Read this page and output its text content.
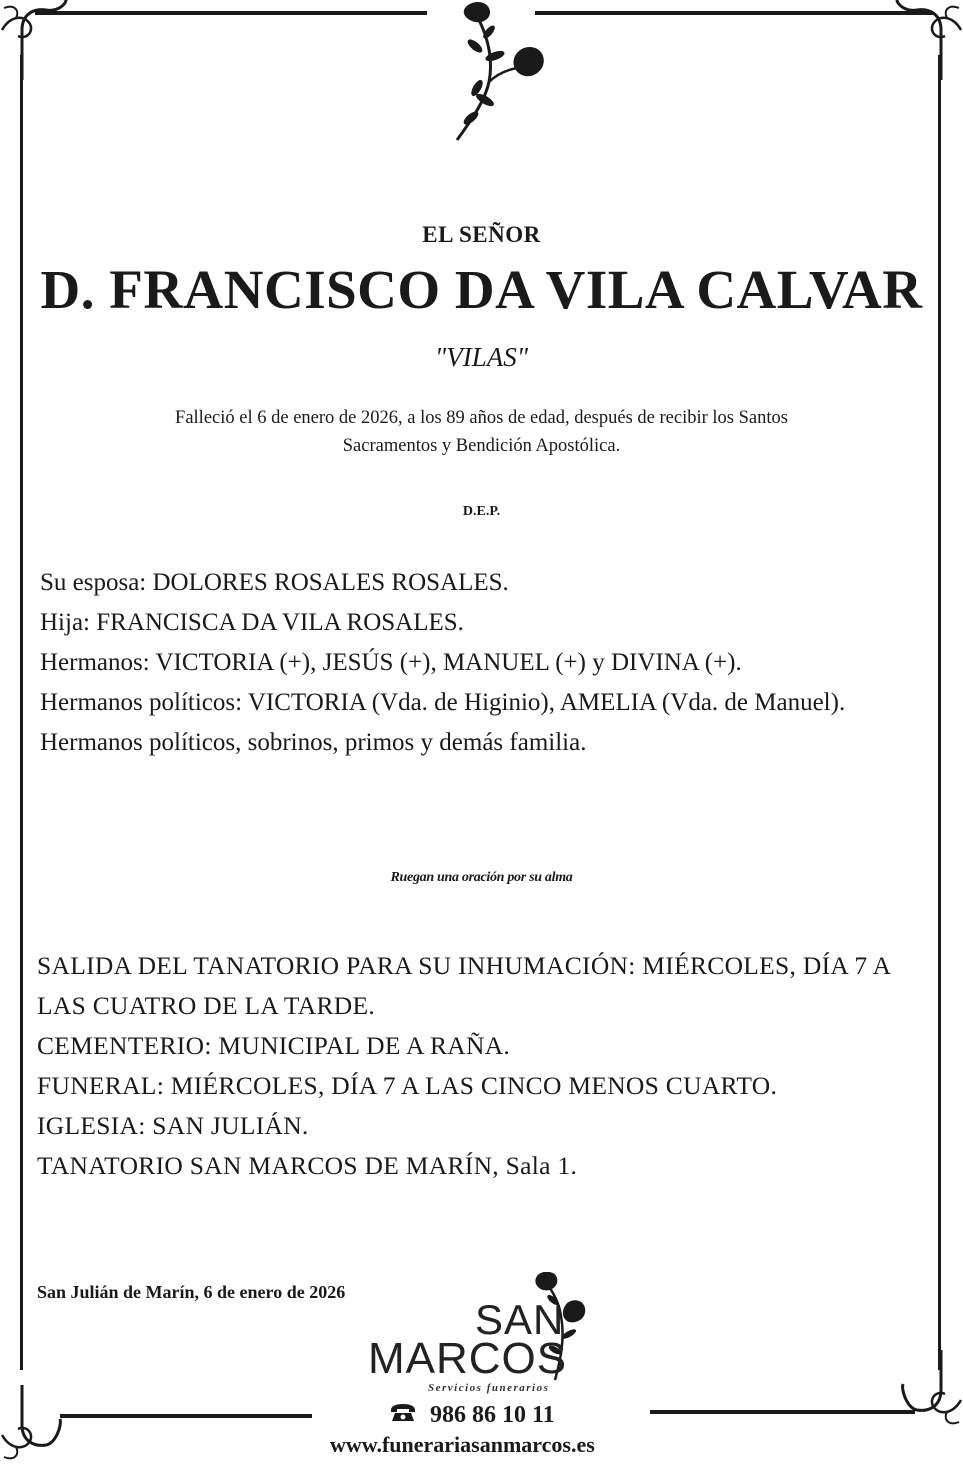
EL SEÑOR
D. FRANCISCO DA VILA CALVAR
"VILAS"
Falleció el 6 de enero de 2026, a los 89 años de edad, después de recibir los Santos Sacramentos y Bendición Apostólica.
D.E.P.

Su esposa: DOLORES ROSALES ROSALES.

Hija: FRANCISCA DA VILA ROSALES.

Hermanos: VICTORIA (+), JESÚS (+), MANUEL (+) y DIVINA (+).

Hermanos políticos: VICTORIA (Vda. de Higinio), AMELIA (Vda. de Manuel).

Hermanos políticos, sobrinos, primos y demás familia.

Ruegan una oración por su alma

SALIDA DEL TANATORIO PARA SU INHUMACIÓN: MIÉRCOLES, DÍA 7 A LAS CUATRO DE LA TARDE.

CEMENTERIO: MUNICIPAL DE A RAÑA.

FUNERAL: MIÉRCOLES, DÍA 7 A LAS CINCO MENOS CUARTO.

IGLESIA: SAN JULIÁN.

TANATORIO SAN MARCOS DE MARÍN, Sala 1.

San Julián de Marín, 6 de enero de 2026
SAN
MARCOS
Servicios funerarios
986 86 10 11
www.funerariasanmarcos.es
